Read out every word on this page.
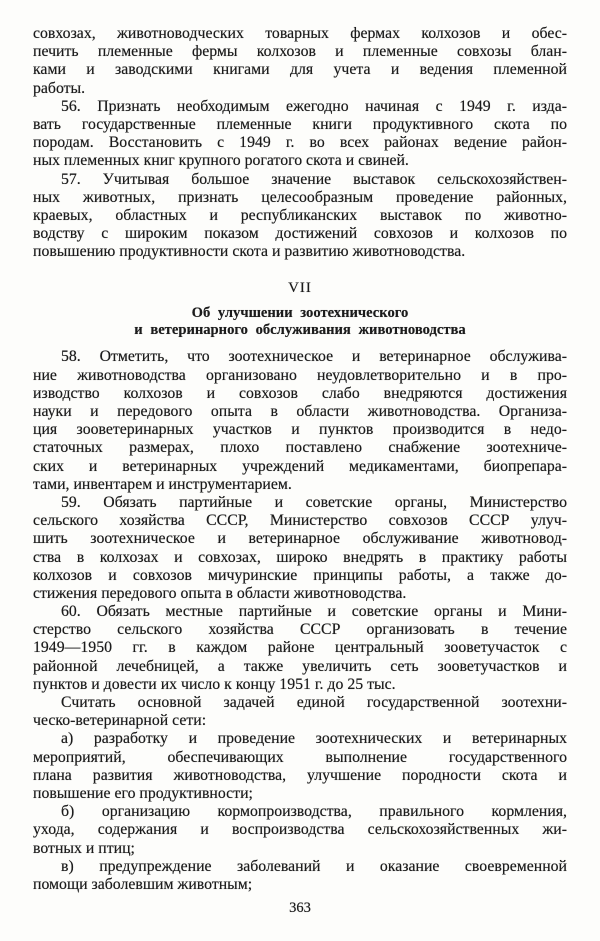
совхозах, животноводческих товарных фермах колхозов и обес-
печить племенные фермы колхозов и племенные совхозы блан-
ками и заводскими книгами для учета и ведения племенной
работы.
56. Признать необходимым ежегодно начиная с 1949 г. изда-
вать государственные племенные книги продуктивного скота по
породам. Восстановить с 1949 г. во всех районах ведение район-
ных племенных книг крупного рогатого скота и свиней.
57. Учитывая большое значение выставок сельскохозяйствен-
ных животных, признать целесообразным проведение районных,
краевых, областных и республиканских выставок по животно-
водству с широким показом достижений совхозов и колхозов по
повышению продуктивности скота и развитию животноводства.
VII
Об улучшении зоотехнического
и ветеринарного обслуживания животноводства
58. Отметить, что зоотехническое и ветеринарное обслужива-
ние животноводства организовано неудовлетворительно и в про-
изводство колхозов и совхозов слабо внедряются достижения
науки и передового опыта в области животноводства. Организа-
ция зооветеринарных участков и пунктов производится в недо-
статочных размерах, плохо поставлено снабжение зоотехниче-
ских и ветеринарных учреждений медикаментами, биопрепара-
тами, инвентарем и инструментарием.
59. Обязать партийные и советские органы, Министерство
сельского хозяйства СССР, Министерство совхозов СССР улуч-
шить зоотехническое и ветеринарное обслуживание животновод-
ства в колхозах и совхозах, широко внедрять в практику работы
колхозов и совхозов мичуринские принципы работы, а также до-
стижения передового опыта в области животноводства.
60. Обязать местные партийные и советские органы и Мини-
стерство сельского хозяйства СССР организовать в течение
1949—1950 гг. в каждом районе центральный зооветучасток с
районной лечебницей, а также увеличить сеть зооветучастков и
пунктов и довести их число к концу 1951 г. до 25 тыс.
Считать основной задачей единой государственной зоотехни-
ческо-ветеринарной сети:
а) разработку и проведение зоотехнических и ветеринарных
мероприятий, обеспечивающих выполнение государственного
плана развития животноводства, улучшение породности скота и
повышение его продуктивности;
б) организацию кормопроизводства, правильного кормления,
ухода, содержания и воспроизводства сельскохозяйственных жи-
вотных и птиц;
в) предупреждение заболеваний и оказание своевременной
помощи заболевшим животным;
363
